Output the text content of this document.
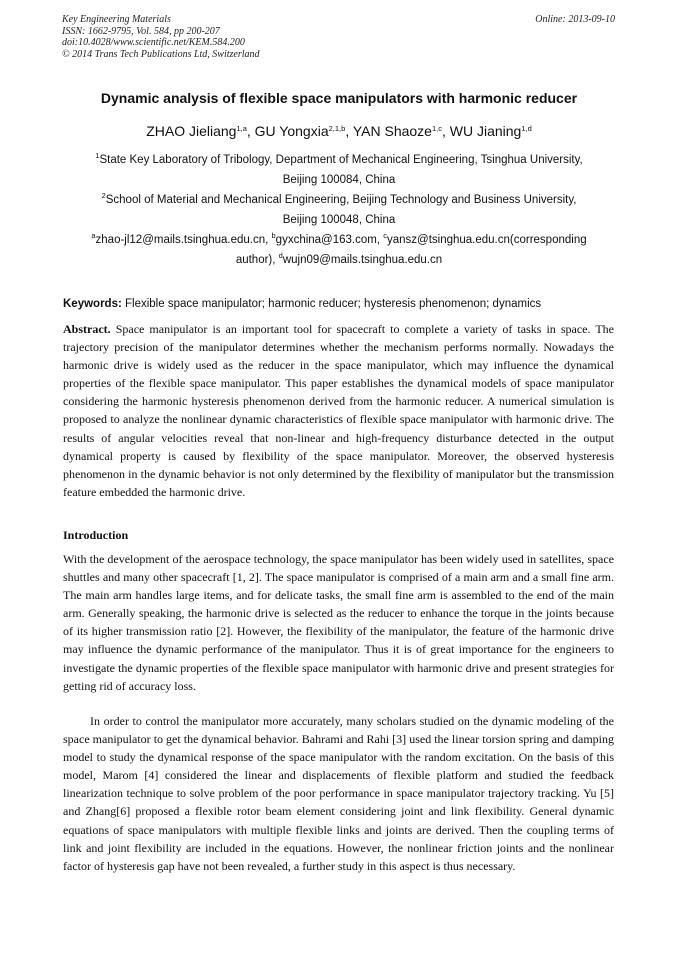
Key Engineering Materials
ISSN: 1662-9795, Vol. 584, pp 200-207
doi:10.4028/www.scientific.net/KEM.584.200
© 2014 Trans Tech Publications Ltd, Switzerland
Online: 2013-09-10
Dynamic analysis of flexible space manipulators with harmonic reducer
ZHAO Jieliang$^{1,a}$, GU Yongxia$^{2,1,b}$, YAN Shaoze$^{1,c}$, WU Jianing$^{1,d}$
$^1$State Key Laboratory of Tribology, Department of Mechanical Engineering, Tsinghua University,
Beijing 100084, China
$^2$School of Material and Mechanical Engineering, Beijing Technology and Business University,
Beijing 100048, China
$^a$zhao-jl12@mails.tsinghua.edu.cn, $^b$gyxchina@163.com, $^c$yansz@tsinghua.edu.cn(corresponding
author), $^d$wujn09@mails.tsinghua.edu.cn
Keywords: Flexible space manipulator; harmonic reducer; hysteresis phenomenon; dynamics

Abstract. Space manipulator is an important tool for spacecraft to complete a variety of tasks in space. The trajectory precision of the manipulator determines whether the mechanism performs normally. Nowadays the harmonic drive is widely used as the reducer in the space manipulator, which may influence the dynamical properties of the flexible space manipulator. This paper establishes the dynamical models of space manipulator considering the harmonic hysteresis phenomenon derived from the harmonic reducer. A numerical simulation is proposed to analyze the nonlinear dynamic characteristics of flexible space manipulator with harmonic drive. The results of angular velocities reveal that non-linear and high-frequency disturbance detected in the output dynamical property is caused by flexibility of the space manipulator. Moreover, the observed hysteresis phenomenon in the dynamic behavior is not only determined by the flexibility of manipulator but the transmission feature embedded the harmonic drive.

Introduction

With the development of the aerospace technology, the space manipulator has been widely used in satellites, space shuttles and many other spacecraft [1, 2]. The space manipulator is comprised of a main arm and a small fine arm. The main arm handles large items, and for delicate tasks, the small fine arm is assembled to the end of the main arm. Generally speaking, the harmonic drive is selected as the reducer to enhance the torque in the joints because of its higher transmission ratio [2]. However, the flexibility of the manipulator, the feature of the harmonic drive may influence the dynamic performance of the manipulator. Thus it is of great importance for the engineers to investigate the dynamic properties of the flexible space manipulator with harmonic drive and present strategies for getting rid of accuracy loss.

In order to control the manipulator more accurately, many scholars studied on the dynamic modeling of the space manipulator to get the dynamical behavior. Bahrami and Rahi [3] used the linear torsion spring and damping model to study the dynamical response of the space manipulator with the random excitation. On the basis of this model, Marom [4] considered the linear and displacements of flexible platform and studied the feedback linearization technique to solve problem of the poor performance in space manipulator trajectory tracking. Yu [5] and Zhang[6] proposed a flexible rotor beam element considering joint and link flexibility. General dynamic equations of space manipulators with multiple flexible links and joints are derived. Then the coupling terms of link and joint flexibility are included in the equations. However, the nonlinear friction joints and the nonlinear factor of hysteresis gap have not been revealed, a further study in this aspect is thus necessary.
